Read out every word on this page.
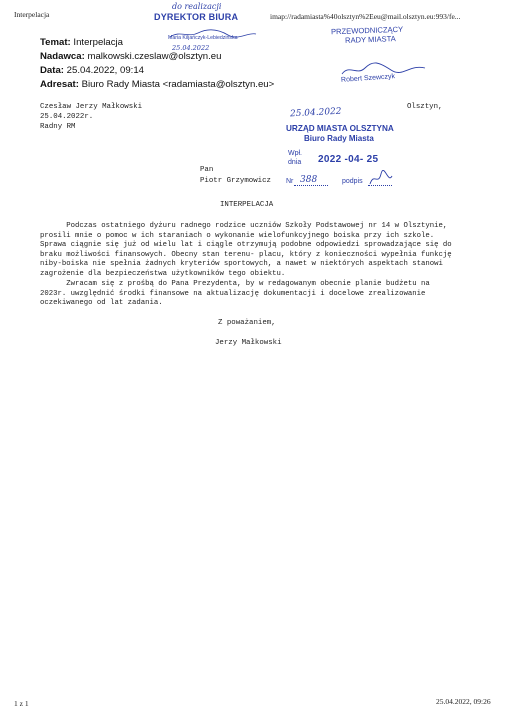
Interpelacja	imap://radamiasta%40olsztyn%2Eeu@mail.olsztyn.eu:993/fe...
do realizacji
DYREKTOR BIURA
Maria Kiljańczyk-Lebiedzińska
25.04.2022
PRZEWODNICZĄCY
RADY MIASTA
Robert Szewczyk
Temat: Interpelacja
Nadawca: malkowski.czeslaw@olsztyn.eu
Data: 25.04.2022, 09:14
Adresat: Biuro Rady Miasta <radamiasta@olsztyn.eu>
Czesław Jerzy Małkowski
25.04.2022r.
Radny RM
Olsztyn,
25.04.2022
URZĄD MIASTA OLSZTYNA
Biuro Rady Miasta
Wpł.
dnia 2022 -04- 25
Nr 388	podpis
Pan
Piotr Grzymowicz
INTERPELACJA
Podczas ostatniego dyżuru radnego rodzice uczniów Szkoły Podstawowej nr 14 w Olsztynie,
prosili mnie o pomoc w ich staraniach o wykonanie wielofunkcyjnego boiska przy ich szkole.
Sprawa ciągnie się już od wielu lat i ciągle otrzymują podobne odpowiedzi sprowadzające się do
braku możliwości finansowych. Obecny stan terenu- placu, który z konieczności wypełnia funkcję
niby-boiska nie spełnia żadnych kryteriów sportowych, a nawet w niektórych aspektach stanowi
zagrożenie dla bezpieczeństwa użytkowników tego obiektu.
Zwracam się z prośbą do Pana Prezydenta, by w redagowanym obecnie planie budżetu na
2023r. uwzględnić środki finansowe na aktualizację dokumentacji i docelowe zrealizowanie
oczekiwanego od lat zadania.
Z poważaniem,
Jerzy Małkowski
1 z 1	25.04.2022, 09:26
